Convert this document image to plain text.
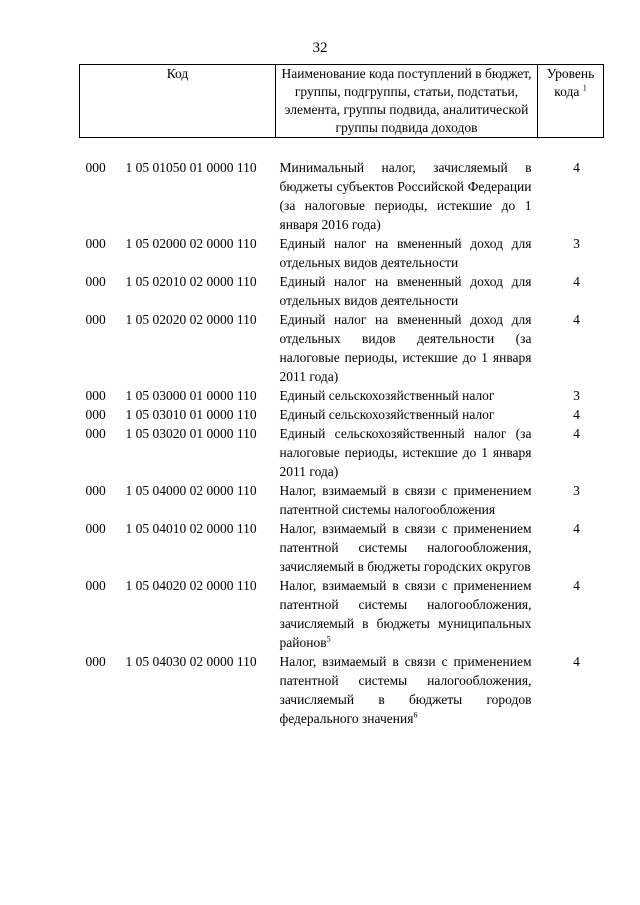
32
Код		Наименование кода поступлений в бюджет, группы, подгруппы, статьи, подстатьи, элемента, группы подвида, аналитической группы подвида доходов	Уровень кода $^1$

000	1 05 01050 01 0000 110	Минимальный налог, зачисляемый в бюджеты субъектов Российской Федерации (за налоговые периоды, истекшие до 1 января 2016 года)	4
000	1 05 02000 02 0000 110	Единый налог на вмененный доход для отдельных видов деятельности	3
000	1 05 02010 02 0000 110	Единый налог на вмененный доход для отдельных видов деятельности	4
000	1 05 02020 02 0000 110	Единый налог на вмененный доход для отдельных видов деятельности (за налоговые периоды, истекшие до 1 января 2011 года)	4
000	1 05 03000 01 0000 110	Единый сельскохозяйственный налог	3
000	1 05 03010 01 0000 110	Единый сельскохозяйственный налог	4
000	1 05 03020 01 0000 110	Единый сельскохозяйственный налог (за налоговые периоды, истекшие до 1 января 2011 года)	4
000	1 05 04000 02 0000 110	Налог, взимаемый в связи с применением патентной системы налогообложения	3
000	1 05 04010 02 0000 110	Налог, взимаемый в связи с применением патентной системы налогообложения, зачисляемый в бюджеты городских округов	4
000	1 05 04020 02 0000 110	Налог, взимаемый в связи с применением патентной системы налогообложения, зачисляемый в бюджеты муниципальных районов$^5$	4
000	1 05 04030 02 0000 110	Налог, взимаемый в связи с применением патентной системы налогообложения, зачисляемый в бюджеты городов федерального значения$^6$	4
